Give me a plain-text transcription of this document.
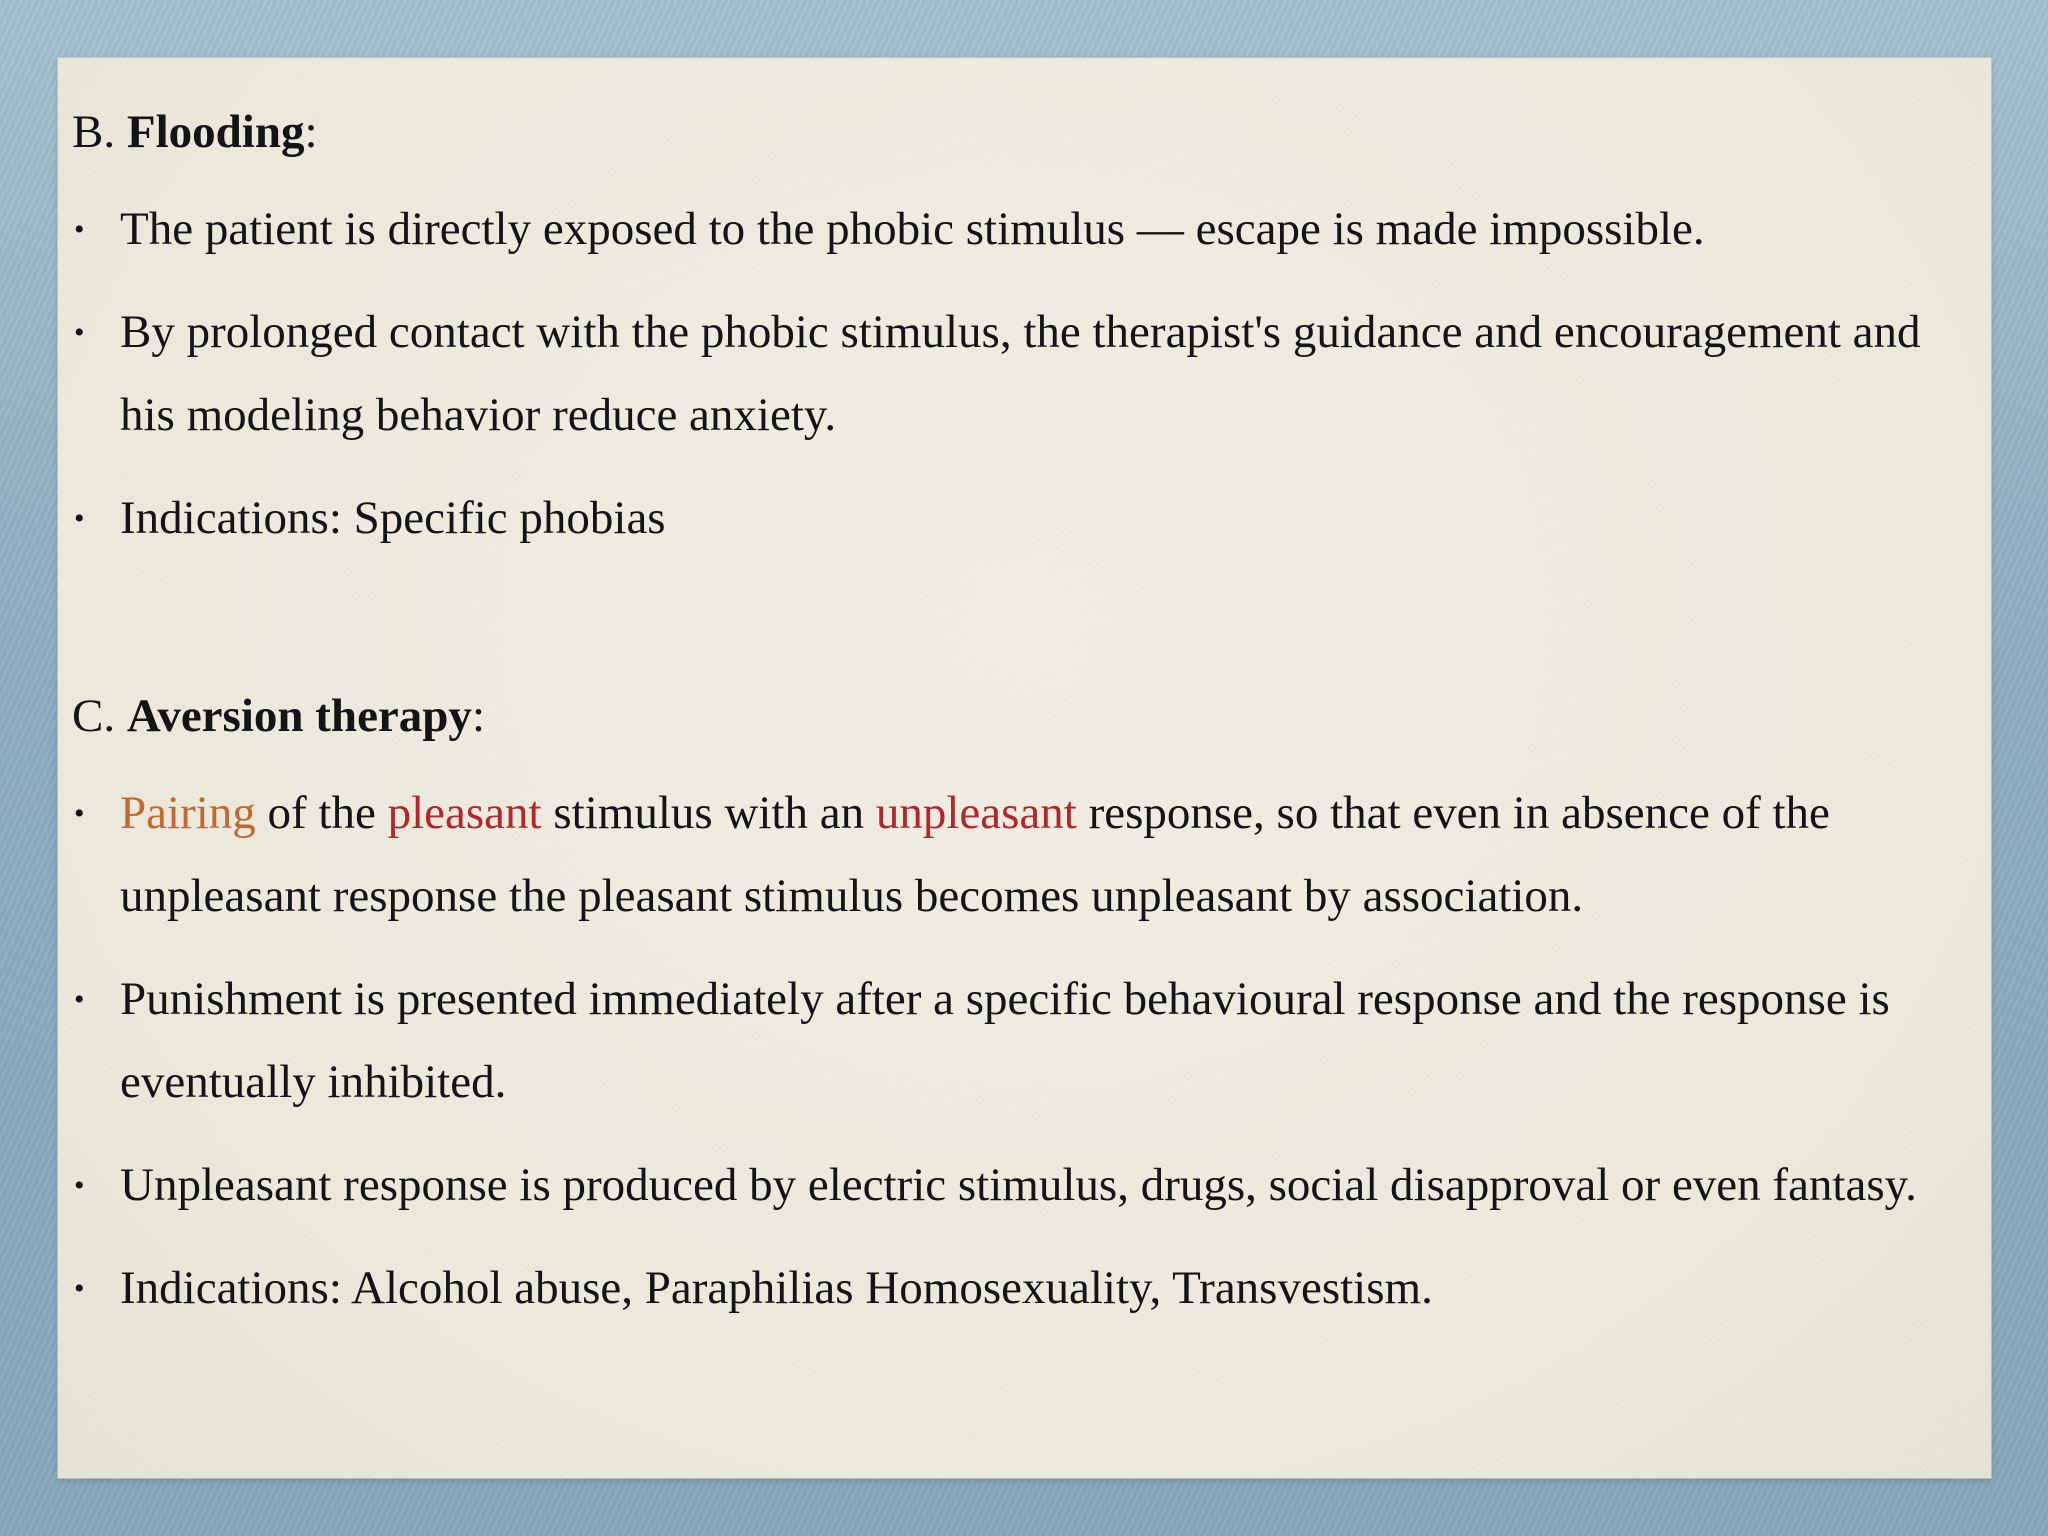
B. Flooding:

• The patient is directly exposed to the phobic stimulus — escape is made impossible.
• By prolonged contact with the phobic stimulus, the therapist's guidance and encouragement and his modeling behavior reduce anxiety.
• Indications: Specific phobias

C. Aversion therapy:

• Pairing of the pleasant stimulus with an unpleasant response, so that even in absence of the unpleasant response the pleasant stimulus becomes unpleasant by association.
• Punishment is presented immediately after a specific behavioural response and the response is eventually inhibited.
• Unpleasant response is produced by electric stimulus, drugs, social disapproval or even fantasy.
• Indications: Alcohol abuse, Paraphilias Homosexuality, Transvestism.
